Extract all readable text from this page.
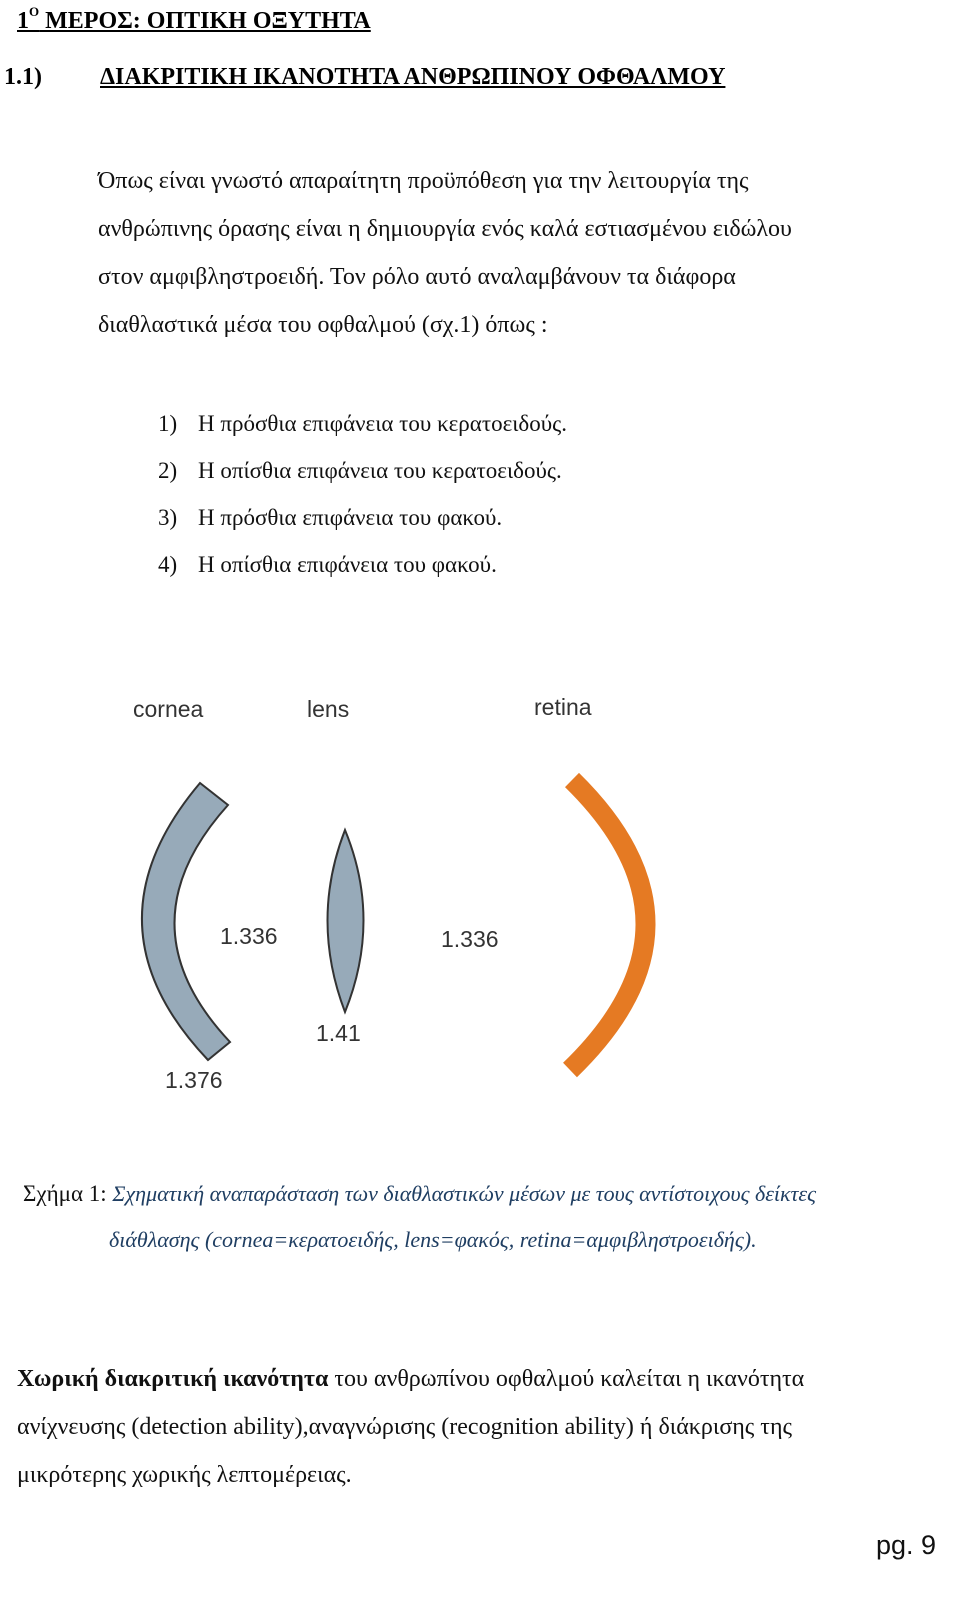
$1^O$ ΜΕΡΟΣ: ΟΠΤΙΚΗ ΟΞΥΤΗΤΑ
1.1) ΔΙΑΚΡΙΤΙΚΗ ΙΚΑΝΟΤΗΤΑ ΑΝΘΡΩΠΙΝΟΥ ΟΦΘΑΛΜΟΥ
Όπως είναι γνωστό απαραίτητη προϋπόθεση για την λειτουργία της
ανθρώπινης όρασης είναι η δημιουργία ενός καλά εστιασμένου ειδώλου
στον αμφιβληστροειδή. Τον ρόλο αυτό αναλαμβάνουν τα διάφορα
διαθλαστικά μέσα του οφθαλμού (σχ.1) όπως :
1) Η πρόσθια επιφάνεια του κερατοειδούς.
2) Η οπίσθια επιφάνεια του κερατοειδούς.
3) Η πρόσθια επιφάνεια του φακού.
4) Η οπίσθια επιφάνεια του φακού.
cornea	lens	retina
1.336	1.336
1.41
1.376
Σχήμα 1: Σχηματική αναπαράσταση των διαθλαστικών μέσων με τους αντίστοιχους δείκτες
διάθλασης (cornea=κερατοειδής, lens=φακός, retina=αμφιβληστροειδής).
Χωρική διακριτική ικανότητα του ανθρωπίνου οφθαλμού καλείται η ικανότητα
ανίχνευσης (detection ability),αναγνώρισης (recognition ability) ή διάκρισης της
μικρότερης χωρικής λεπτομέρειας.
pg. 9
